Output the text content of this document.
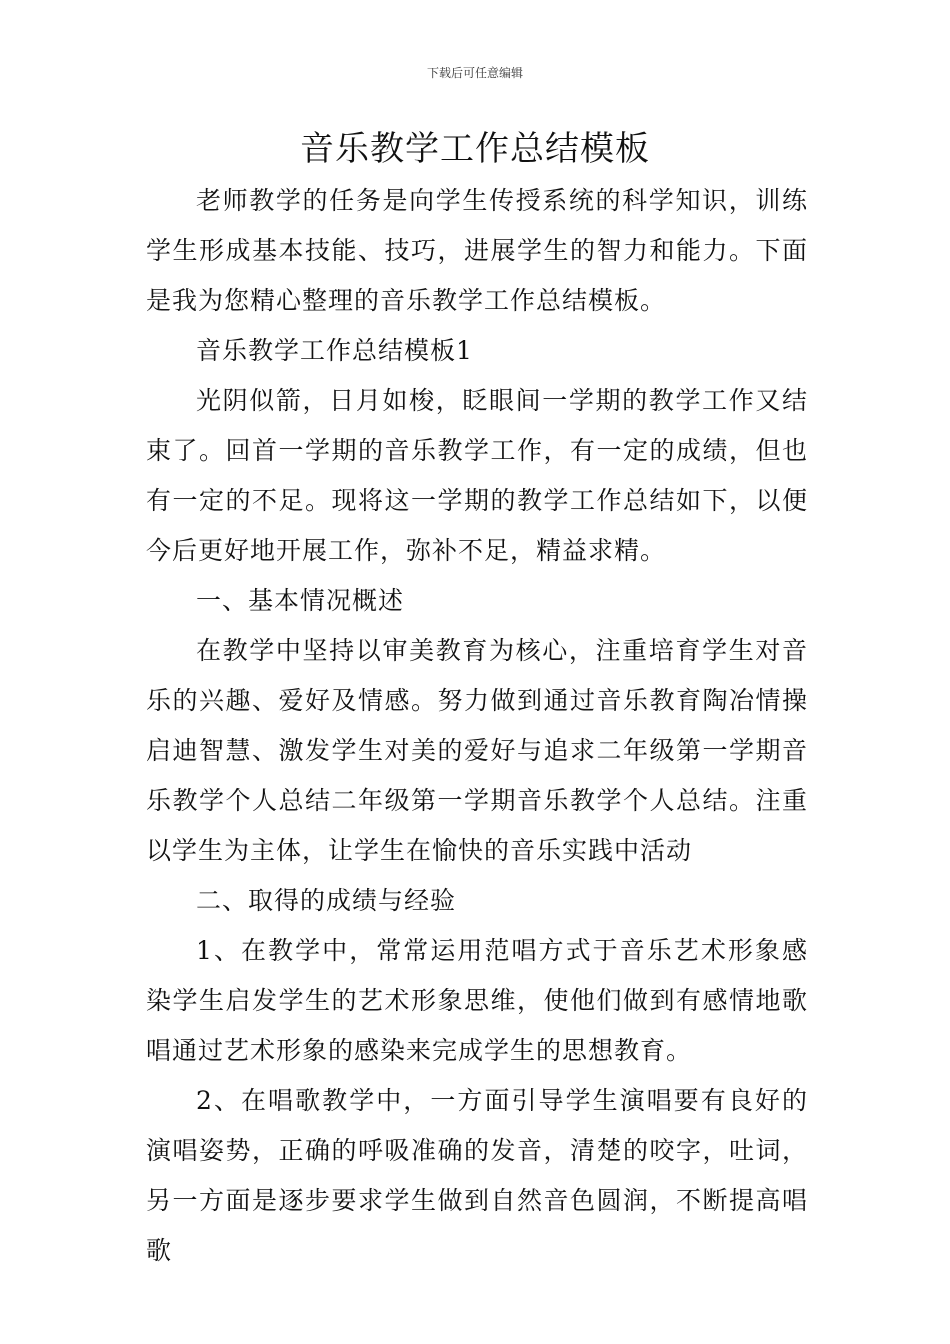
下载后可任意编辑
音乐教学工作总结模板

老师教学的任务是向学生传授系统的科学知识，训练学生形成基本技能、技巧，进展学生的智力和能力。下面是我为您精心整理的音乐教学工作总结模板。

音乐教学工作总结模板1

光阴似箭，日月如梭，眨眼间一学期的教学工作又结束了。回首一学期的音乐教学工作，有一定的成绩，但也有一定的不足。现将这一学期的教学工作总结如下，以便今后更好地开展工作，弥补不足，精益求精。

一、基本情况概述

在教学中坚持以审美教育为核心，注重培育学生对音乐的兴趣、爱好及情感。努力做到通过音乐教育陶冶情操启迪智慧、激发学生对美的爱好与追求二年级第一学期音乐教学个人总结二年级第一学期音乐教学个人总结。注重以学生为主体，让学生在愉快的音乐实践中活动

二、取得的成绩与经验

1、在教学中，常常运用范唱方式于音乐艺术形象感染学生启发学生的艺术形象思维，使他们做到有感情地歌唱通过艺术形象的感染来完成学生的思想教育。

2、在唱歌教学中，一方面引导学生演唱要有良好的演唱姿势，正确的呼吸准确的发音，清楚的咬字，吐词，另一方面是逐步要求学生做到自然音色圆润，不断提高唱歌
